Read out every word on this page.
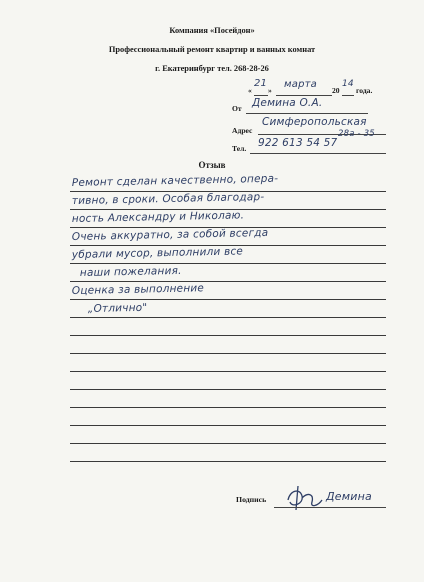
Компания «Посейдон»
Профессиональный ремонт квартир и ванных комнат
г. Екатеринбург тел. 268-28-26
«
21
»
марта
20
14
года.
От Демина О.А.
Адрес
Симферопольская
28а - 35
Тел. 922 613 54 57
Отзыв
Ремонт сделан качественно, опера-
тивно, в сроки. Особая благодар-
ность Александру и Николаю.
Очень аккуратно, за собой всегда
убрали мусор, выполнили все
наши пожелания.
Оценка за выполнение
„Отлично"
Подпись	Демина
